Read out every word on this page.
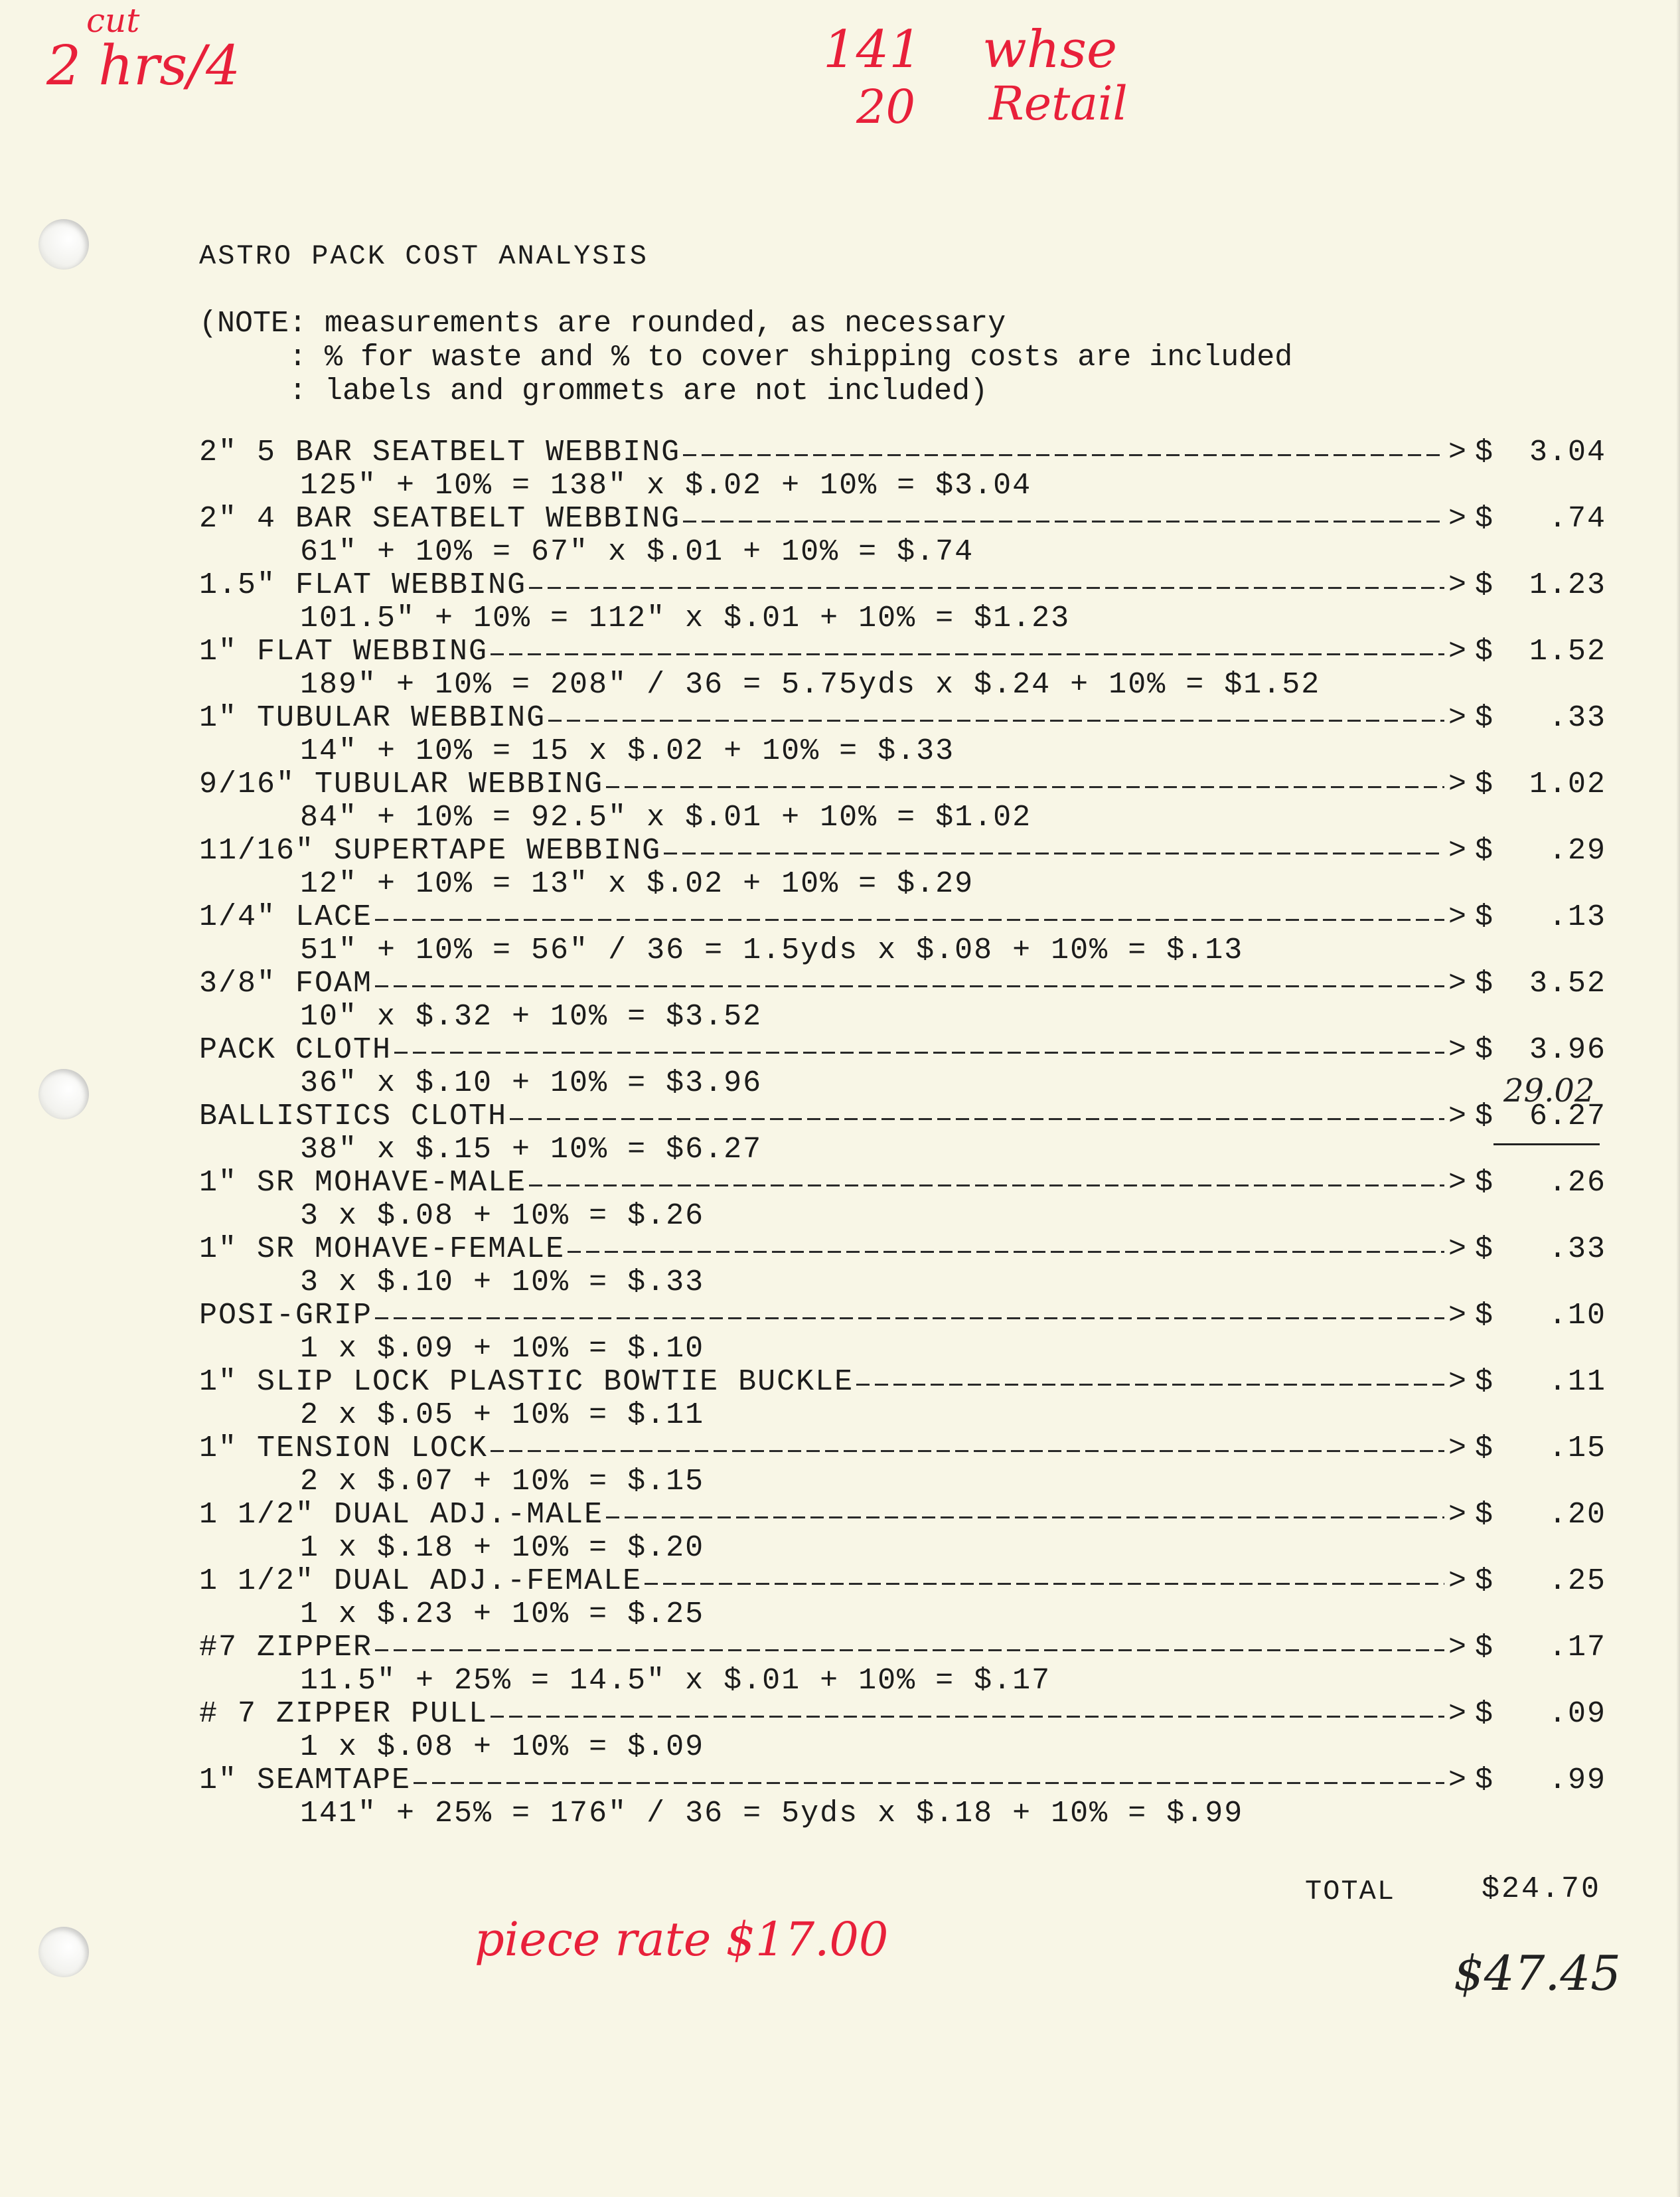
cut
2 hrs/4	141 whse
20 Retail
29.02
piece rate $17.00
$47.45
ASTRO PACK COST ANALYSIS
(NOTE: measurements are rounded, as necessary
: % for waste and % to cover shipping costs are included
: labels and grommets are not included)
2" 5 BAR SEATBELT WEBBING	> $	3.04
125" + 10% = 138" x $.02 + 10% = $3.04
2" 4 BAR SEATBELT WEBBING	> $	.74
61" + 10% = 67" x $.01 + 10% = $.74
1.5" FLAT WEBBING	> $	1.23
101.5" + 10% = 112" x $.01 + 10% = $1.23
1" FLAT WEBBING	> $	1.52
189" + 10% = 208" / 36 = 5.75yds x $.24 + 10% = $1.52
1" TUBULAR WEBBING	> $	.33
14" + 10% = 15 x $.02 + 10% = $.33
9/16" TUBULAR WEBBING	> $	1.02
84" + 10% = 92.5" x $.01 + 10% = $1.02
11/16" SUPERTAPE WEBBING	> $	.29
12" + 10% = 13" x $.02 + 10% = $.29
1/4" LACE	> $	.13
51" + 10% = 56" / 36 = 1.5yds x $.08 + 10% = $.13
3/8" FOAM	> $	3.52
10" x $.32 + 10% = $3.52
PACK CLOTH	> $	3.96
36" x $.10 + 10% = $3.96
BALLISTICS CLOTH	> $	6.27
38" x $.15 + 10% = $6.27
1" SR MOHAVE-MALE	> $	.26
3 x $.08 + 10% = $.26
1" SR MOHAVE-FEMALE	> $	.33
3 x $.10 + 10% = $.33
POSI-GRIP	> $	.10
1 x $.09 + 10% = $.10
1" SLIP LOCK PLASTIC BOWTIE BUCKLE	> $	.11
2 x $.05 + 10% = $.11
1" TENSION LOCK	> $	.15
2 x $.07 + 10% = $.15
1 1/2" DUAL ADJ.-MALE	> $	.20
1 x $.18 + 10% = $.20
1 1/2" DUAL ADJ.-FEMALE	> $	.25
1 x $.23 + 10% = $.25
#7 ZIPPER	> $	.17
11.5" + 25% = 14.5" x $.01 + 10% = $.17
# 7 ZIPPER PULL	> $	.09
1 x $.08 + 10% = $.09
1" SEAMTAPE	> $	.99
141" + 25% = 176" / 36 = 5yds x $.18 + 10% = $.99
TOTAL	$24.70
